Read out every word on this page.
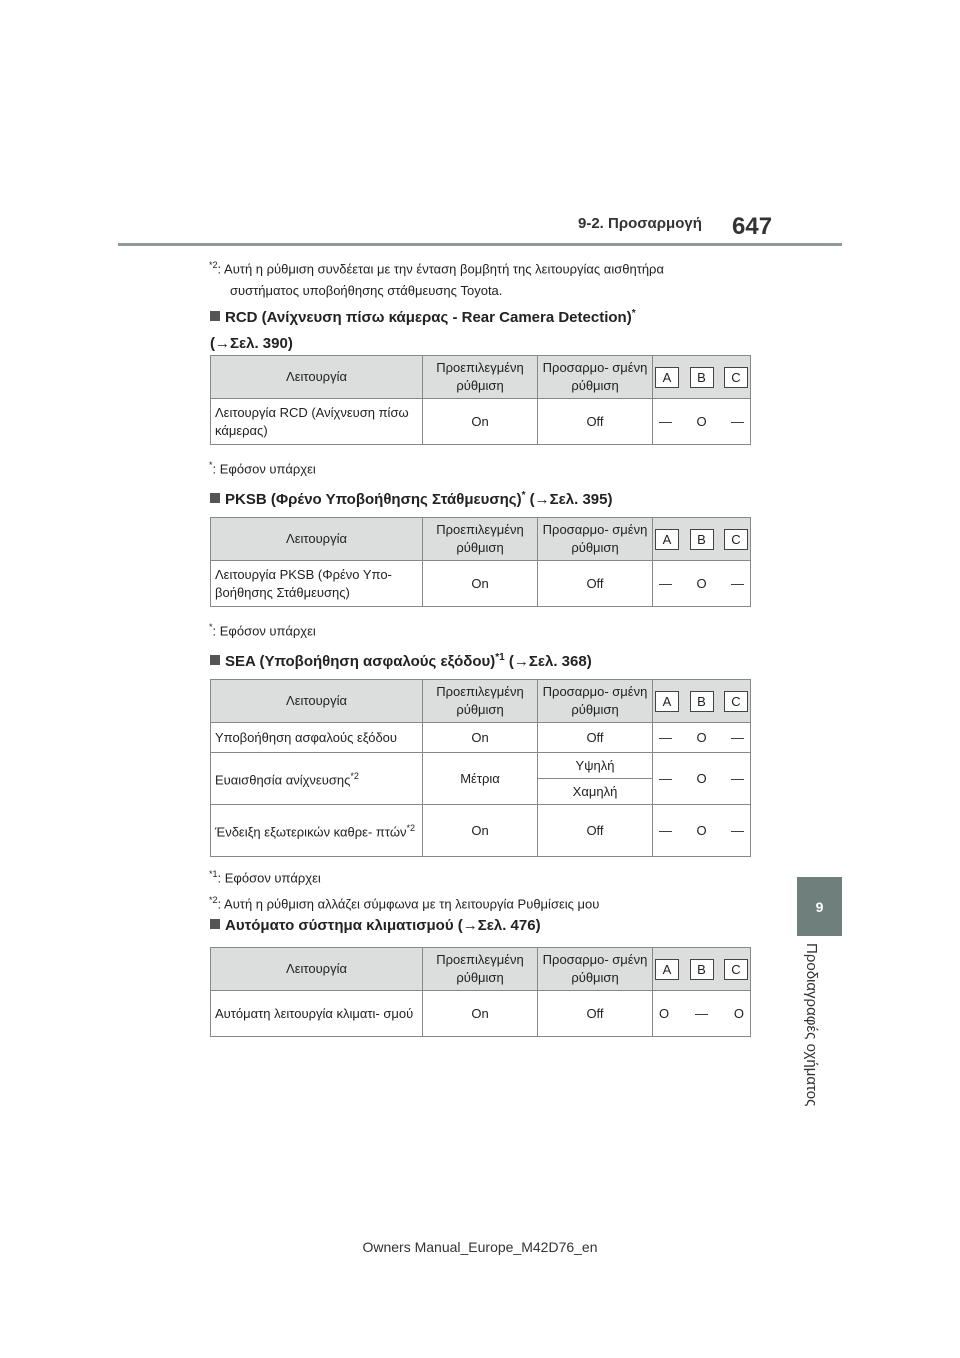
9-2. Προσαρμογή 647
9
Προδιαγραφές οχήματος
$^{*2}$: Αυτή η ρύθμιση συνδέεται με την ένταση βομβητή της λειτουργίας αισθητήρα
συστήματος υποβοήθησης στάθμευσης Toyota.
RCD (Ανίχνευση πίσω κάμερας - Rear Camera Detection)*
(→Σελ. 390)
Λειτουργία	Προεπιλεγμένη ρύθμιση	Προσαρμο- σμένη ρύθμιση	A B C

Λειτουργία RCD (Ανίχνευση πίσω κάμερας)	On	Off	— O —
*: Εφόσον υπάρχει
PKSB (Φρένο Υποβοήθησης Στάθμευσης)* (→Σελ. 395)
Λειτουργία	Προεπιλεγμένη ρύθμιση	Προσαρμο- σμένη ρύθμιση	A B C

Λειτουργία PKSB (Φρένο Υπο- βοήθησης Στάθμευσης)	On	Off	— O —
*: Εφόσον υπάρχει
SEA (Υποβοήθηση ασφαλούς εξόδου)$^{*1}$ (→Σελ. 368)
Λειτουργία	Προεπιλεγμένη ρύθμιση	Προσαρμο- σμένη ρύθμιση	A B C

Υποβοήθηση ασφαλούς εξόδου	On	Off	— O —

Ευαισθησία ανίχνευσης$^{*2}$	Μέτρια	Υψηλή	— O —

		Χαμηλή	
Ένδειξη εξωτερικών καθρε- πτών$^{*2}$	On	Off	— O —
$^{*1}$: Εφόσον υπάρχει
$^{*2}$: Αυτή η ρύθμιση αλλάζει σύμφωνα με τη λειτουργία Ρυθμίσεις μου
Αυτόματο σύστημα κλιματισμού (→Σελ. 476)
Λειτουργία	Προεπιλεγμένη ρύθμιση	Προσαρμο- σμένη ρύθμιση	A B C

Αυτόματη λειτουργία κλιματι- σμού	On	Off	O — O
Owners Manual_Europe_M42D76_en
